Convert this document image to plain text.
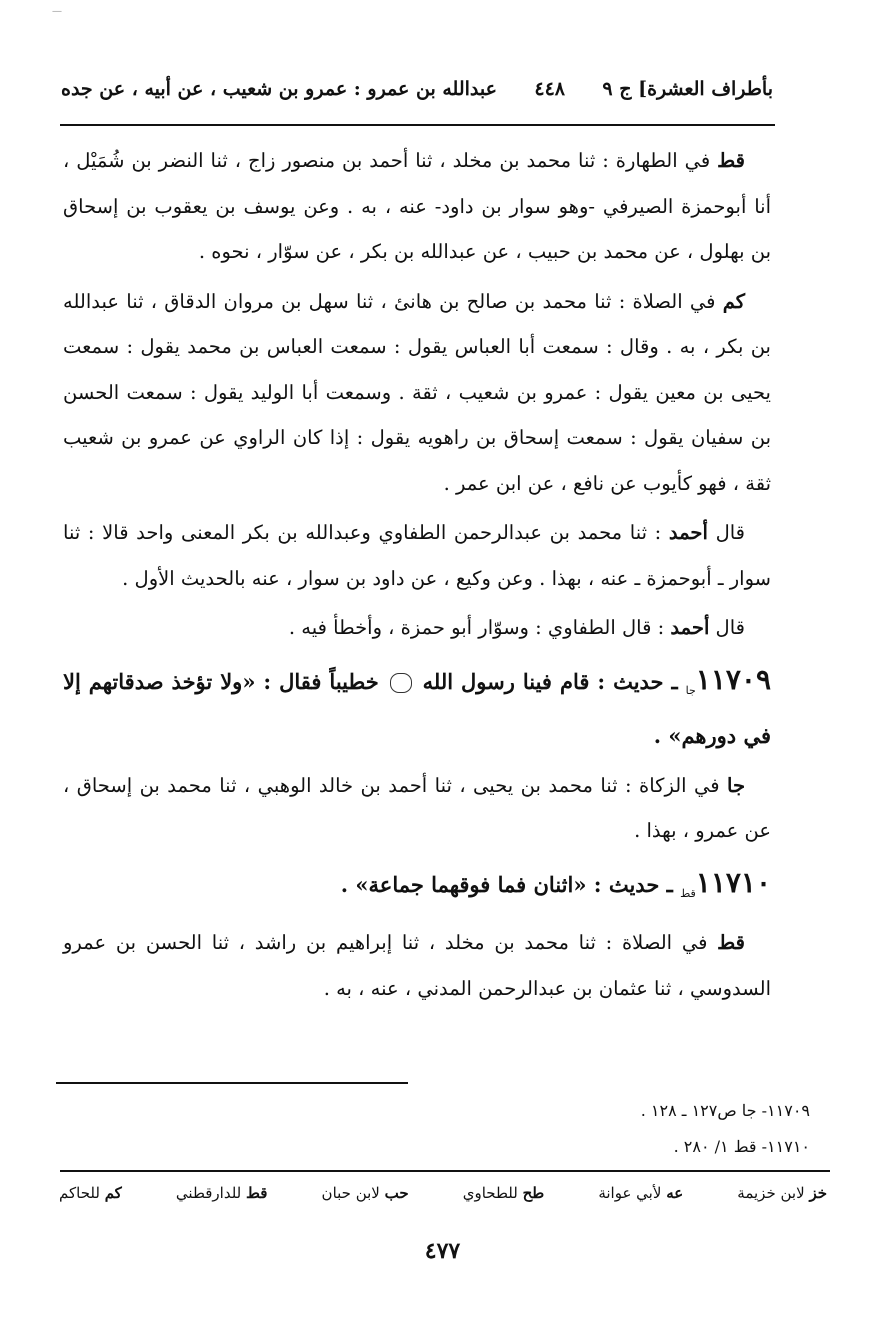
—
بأطراف العشرة] ج ٩
٤٤٨
عبدالله بن عمرو : عمرو بن شعيب ، عن أبيه ، عن جده

قط في الطهارة : ثنا محمد بن مخلد ، ثنا أحمد بن منصور زاج ، ثنا النضر بن شُمَيْل ، أنا أبوحمزة الصيرفي -وهو سوار بن داود- عنه ، به . وعن يوسف بن يعقوب بن إسحاق بن بهلول ، عن محمد بن حبيب ، عن عبدالله بن بكر ، عن سوّار ، نحوه .

كم في الصلاة : ثنا محمد بن صالح بن هانئ ، ثنا سهل بن مروان الدقاق ، ثنا عبدالله بن بكر ، به . وقال : سمعت أبا العباس يقول : سمعت العباس بن محمد يقول : سمعت يحيى بن معين يقول : عمرو بن شعيب ، ثقة . وسمعت أبا الوليد يقول : سمعت الحسن بن سفيان يقول : سمعت إسحاق بن راهويه يقول : إذا كان الراوي عن عمرو بن شعيب ثقة ، فهو كأيوب عن نافع ، عن ابن عمر .

قال أحمد : ثنا محمد بن عبدالرحمن الطفاوي وعبدالله بن بكر المعنى واحد قالا : ثنا سوار ـ أبوحمزة ـ عنه ، بهذا . وعن وكيع ، عن داود بن سوار ، عنه بالحديث الأول .

قال أحمد : قال الطفاوي : وسوّار أبو حمزة ، وأخطأ فيه .

$١١٧٠٩_{جا}$ ـ حديث : قام فينا رسول الله  خطيباً فقال : «ولا تؤخذ صدقاتهم إلا في دورهم» .

جا في الزكاة : ثنا محمد بن يحيى ، ثنا أحمد بن خالد الوهبي ، ثنا محمد بن إسحاق ، عن عمرو ، بهذا .

$١١٧١٠_{قط}$ ـ حديث : «اثنان فما فوقهما جماعة» .

قط في الصلاة : ثنا محمد بن مخلد ، ثنا إبراهيم بن راشد ، ثنا الحسن بن عمرو السدوسي ، ثنا عثمان بن عبدالرحمن المدني ، عنه ، به .

١١٧٠٩- جا ص١٢٧ ـ ١٢٨ .
١١٧١٠- قط ١/ ٢٨٠ .
خز لابن خزيمة
عه لأبي عوانة
طح للطحاوي
حب لابن حبان
قط للدارقطني
كم للحاكم
٤٧٧
